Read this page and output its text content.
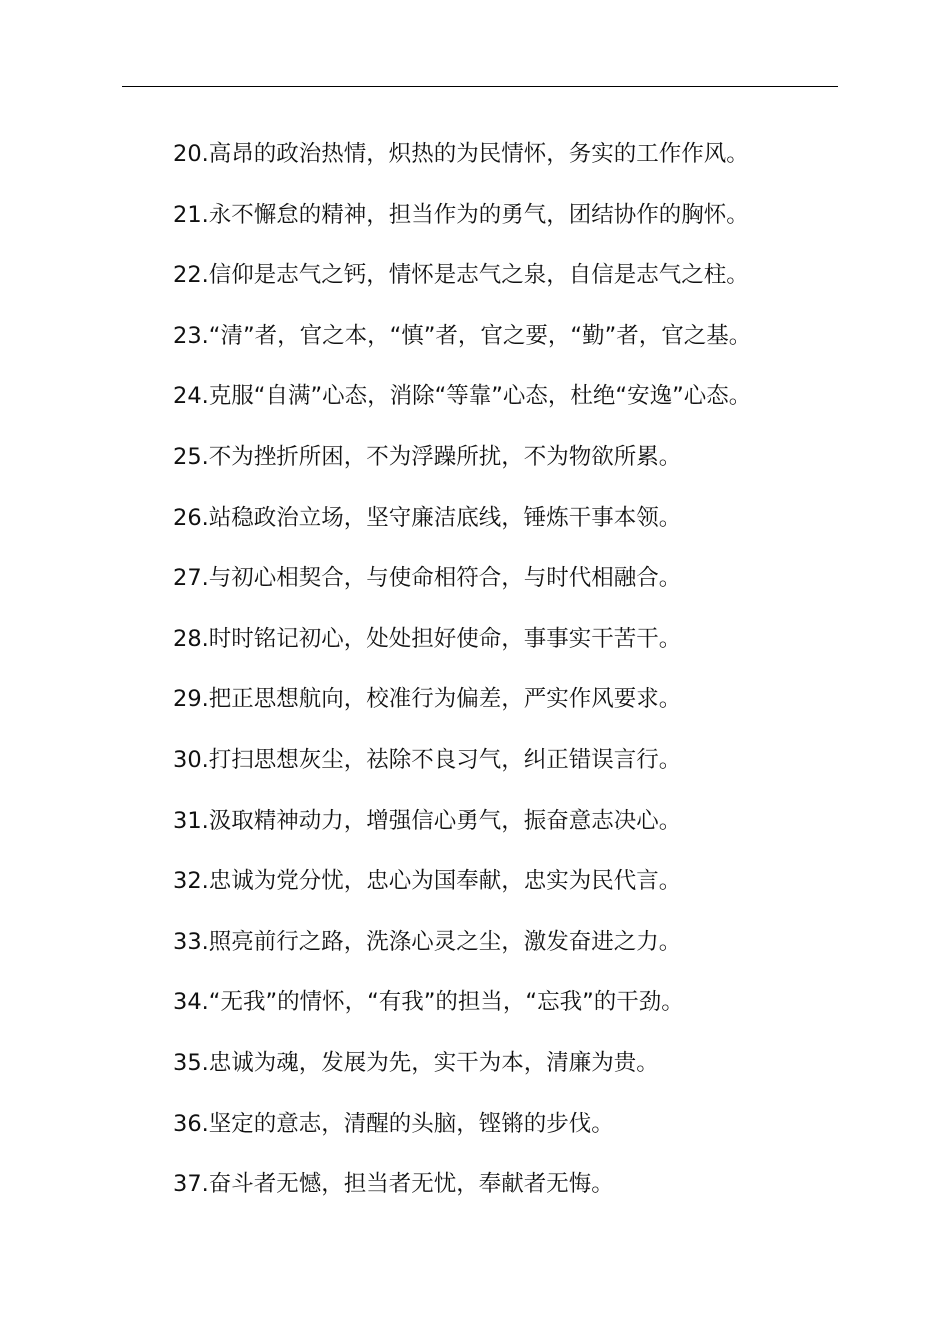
20.高昂的政治热情，炽热的为民情怀，务实的工作作风。
21.永不懈怠的精神，担当作为的勇气，团结协作的胸怀。
22.信仰是志气之钙，情怀是志气之泉，自信是志气之柱。
23.“清”者，官之本，“慎”者，官之要，“勤”者，官之基。
24.克服“自满”心态，消除“等靠”心态，杜绝“安逸”心态。
25.不为挫折所困，不为浮躁所扰，不为物欲所累。
26.站稳政治立场，坚守廉洁底线，锤炼干事本领。
27.与初心相契合，与使命相符合，与时代相融合。
28.时时铭记初心，处处担好使命，事事实干苦干。
29.把正思想航向，校准行为偏差，严实作风要求。
30.打扫思想灰尘，祛除不良习气，纠正错误言行。
31.汲取精神动力，增强信心勇气，振奋意志决心。
32.忠诚为党分忧，忠心为国奉献，忠实为民代言。
33.照亮前行之路，洗涤心灵之尘，激发奋进之力。
34.“无我”的情怀，“有我”的担当，“忘我”的干劲。
35.忠诚为魂，发展为先，实干为本，清廉为贵。
36.坚定的意志，清醒的头脑，铿锵的步伐。
37.奋斗者无憾，担当者无忧，奉献者无悔。
